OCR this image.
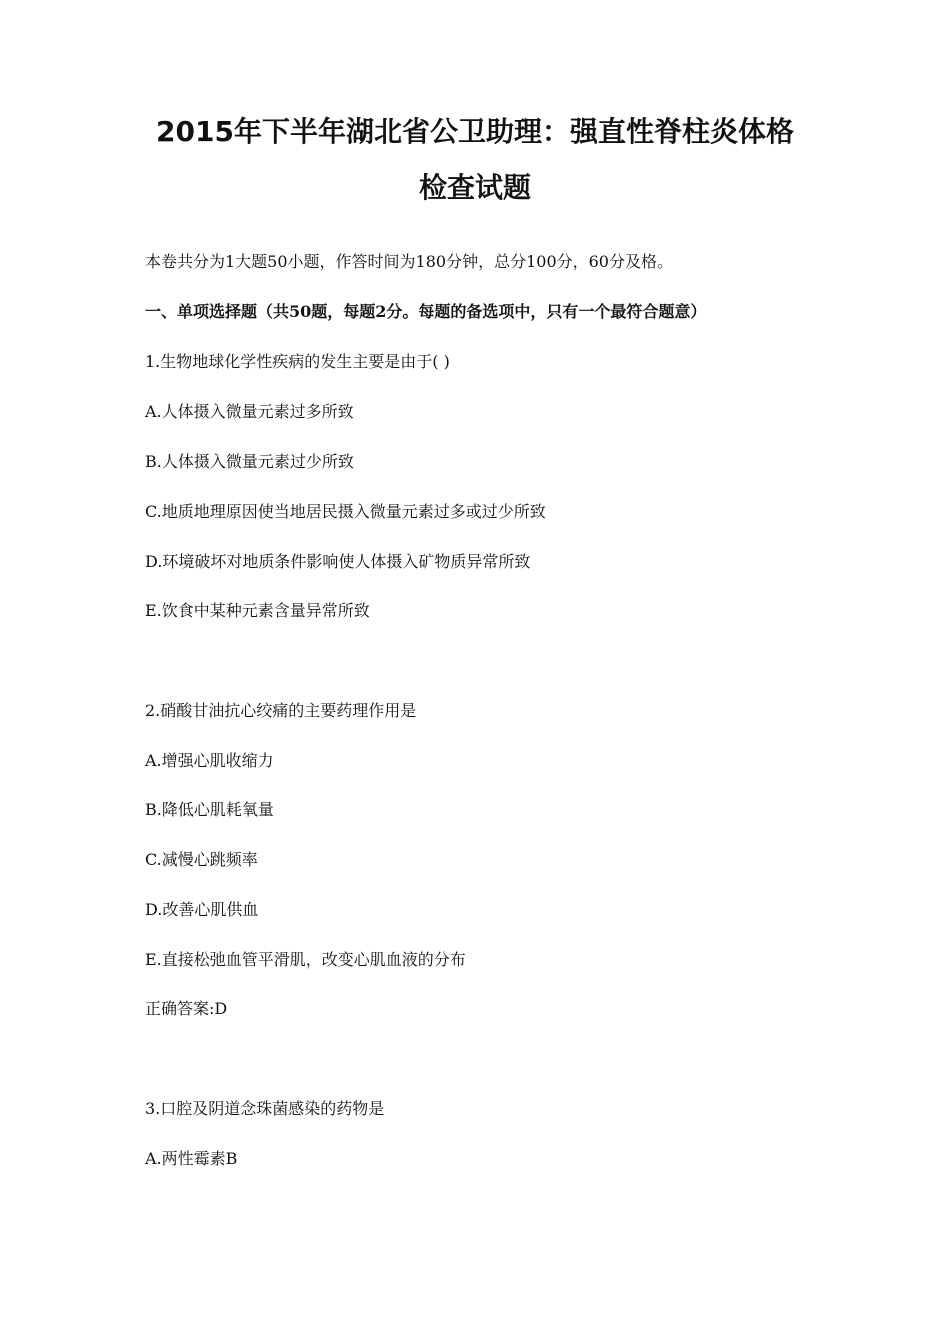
2015年下半年湖北省公卫助理：强直性脊柱炎体格
检查试题

本卷共分为1大题50小题，作答时间为180分钟，总分100分，60分及格。

一、单项选择题（共50题，每题2分。每题的备选项中，只有一个最符合题意）

1.生物地球化学性疾病的发生主要是由于( )

A.人体摄入微量元素过多所致

B.人体摄入微量元素过少所致

C.地质地理原因使当地居民摄入微量元素过多或过少所致

D.环境破坏对地质条件影响使人体摄入矿物质异常所致

E.饮食中某种元素含量异常所致

2.硝酸甘油抗心绞痛的主要药理作用是

A.增强心肌收缩力

B.降低心肌耗氧量

C.减慢心跳频率

D.改善心肌供血

E.直接松弛血管平滑肌，改变心肌血液的分布

正确答案:D

3.口腔及阴道念珠菌感染的药物是

A.两性霉素B
